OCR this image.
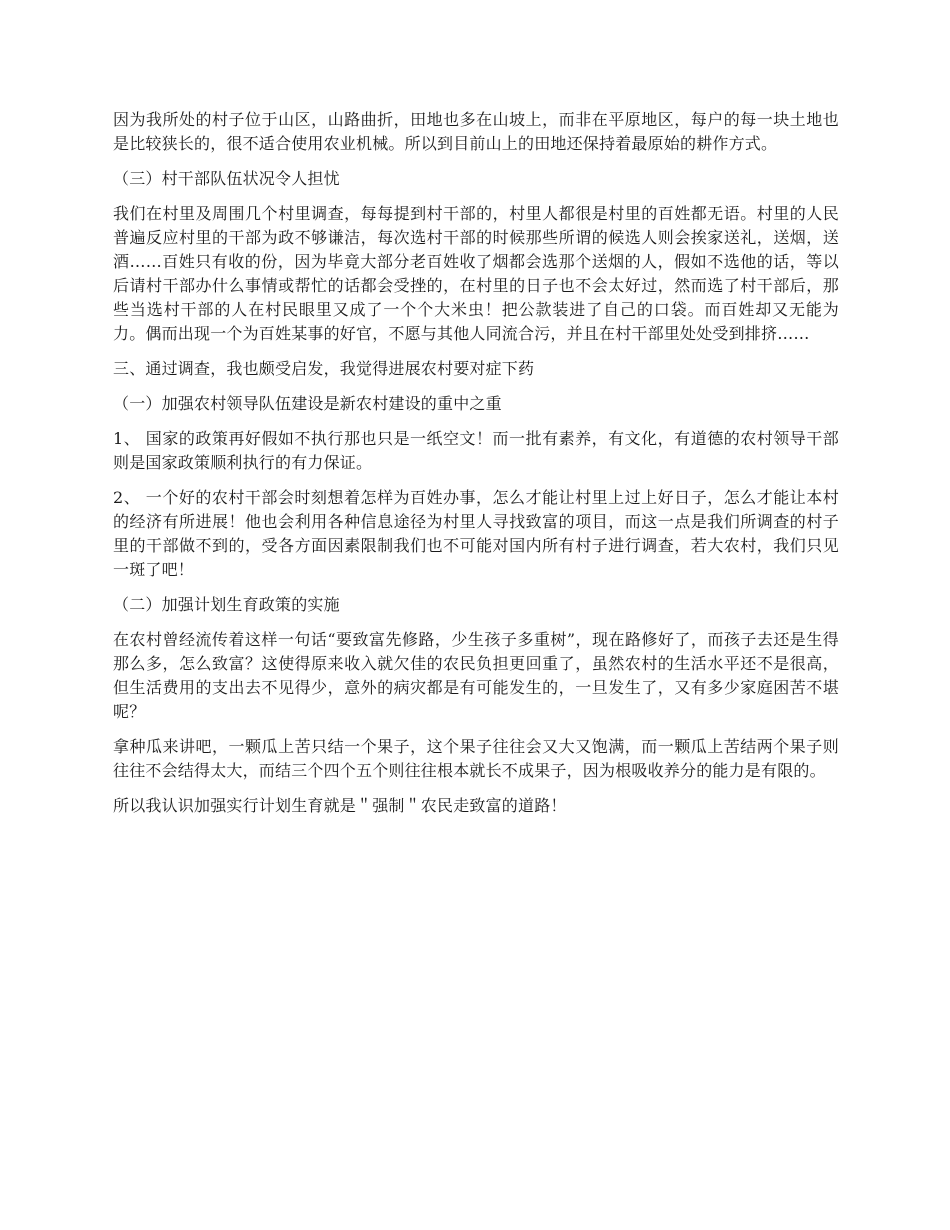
因为我所处的村子位于山区，山路曲折，田地也多在山坡上，而非在平原地区，每户的每一块土地也是比较狭长的，很不适合使用农业机械。所以到目前山上的田地还保持着最原始的耕作方式。

（三）村干部队伍状况令人担忧

我们在村里及周围几个村里调查，每每提到村干部的，村里人都很是村里的百姓都无语。村里的人民普遍反应村里的干部为政不够谦洁，每次选村干部的时候那些所谓的候选人则会挨家送礼，送烟，送酒……百姓只有收的份，因为毕竟大部分老百姓收了烟都会选那个送烟的人，假如不选他的话，等以后请村干部办什么事情或帮忙的话都会受挫的，在村里的日子也不会太好过，然而选了村干部后，那些当选村干部的人在村民眼里又成了一个个大米虫！把公款装进了自己的口袋。而百姓却又无能为力。偶而出现一个为百姓某事的好官，不愿与其他人同流合污，并且在村干部里处处受到排挤……

三、通过调查，我也颇受启发，我觉得进展农村要对症下药

（一）加强农村领导队伍建设是新农村建设的重中之重

1、 国家的政策再好假如不执行那也只是一纸空文！而一批有素养，有文化，有道德的农村领导干部则是国家政策顺利执行的有力保证。

2、 一个好的农村干部会时刻想着怎样为百姓办事，怎么才能让村里上过上好日子，怎么才能让本村的经济有所进展！他也会利用各种信息途径为村里人寻找致富的项目，而这一点是我们所调查的村子里的干部做不到的，受各方面因素限制我们也不可能对国内所有村子进行调查，若大农村，我们只见一斑了吧！

（二）加强计划生育政策的实施

在农村曾经流传着这样一句话“要致富先修路，少生孩子多重树”，现在路修好了，而孩子去还是生得那么多，怎么致富？这使得原来收入就欠佳的农民负担更回重了，虽然农村的生活水平还不是很高，但生活费用的支出去不见得少，意外的病灾都是有可能发生的，一旦发生了，又有多少家庭困苦不堪呢？

拿种瓜来讲吧，一颗瓜上苦只结一个果子，这个果子往往会又大又饱满，而一颗瓜上苦结两个果子则往往不会结得太大，而结三个四个五个则往往根本就长不成果子，因为根吸收养分的能力是有限的。

所以我认识加强实行计划生育就是＂强制＂农民走致富的道路！
